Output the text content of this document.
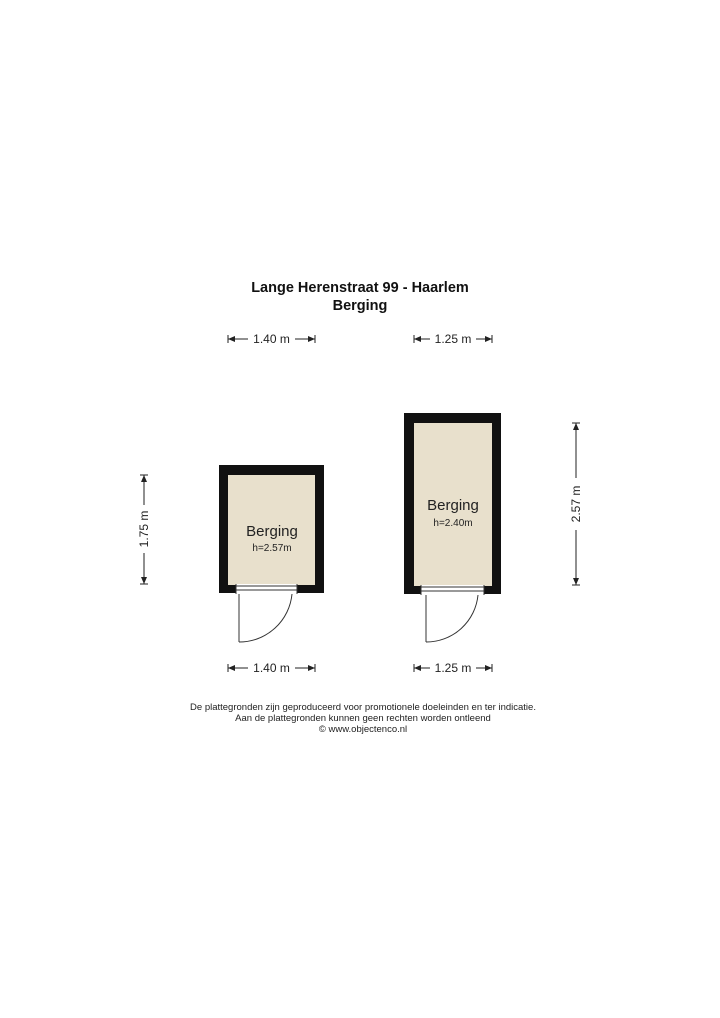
Lange Herenstraat 99 - Haarlem
Berging
1.40 m
Berging
h=2.57m
1.75 m
1.40 m
1.25 m
Berging
h=2.40m
2.57 m
1.25 m
De plattegronden zijn geproduceerd voor promotionele doeleinden en ter indicatie.
Aan de plattegronden kunnen geen rechten worden ontleend
© www.objectenco.nl
